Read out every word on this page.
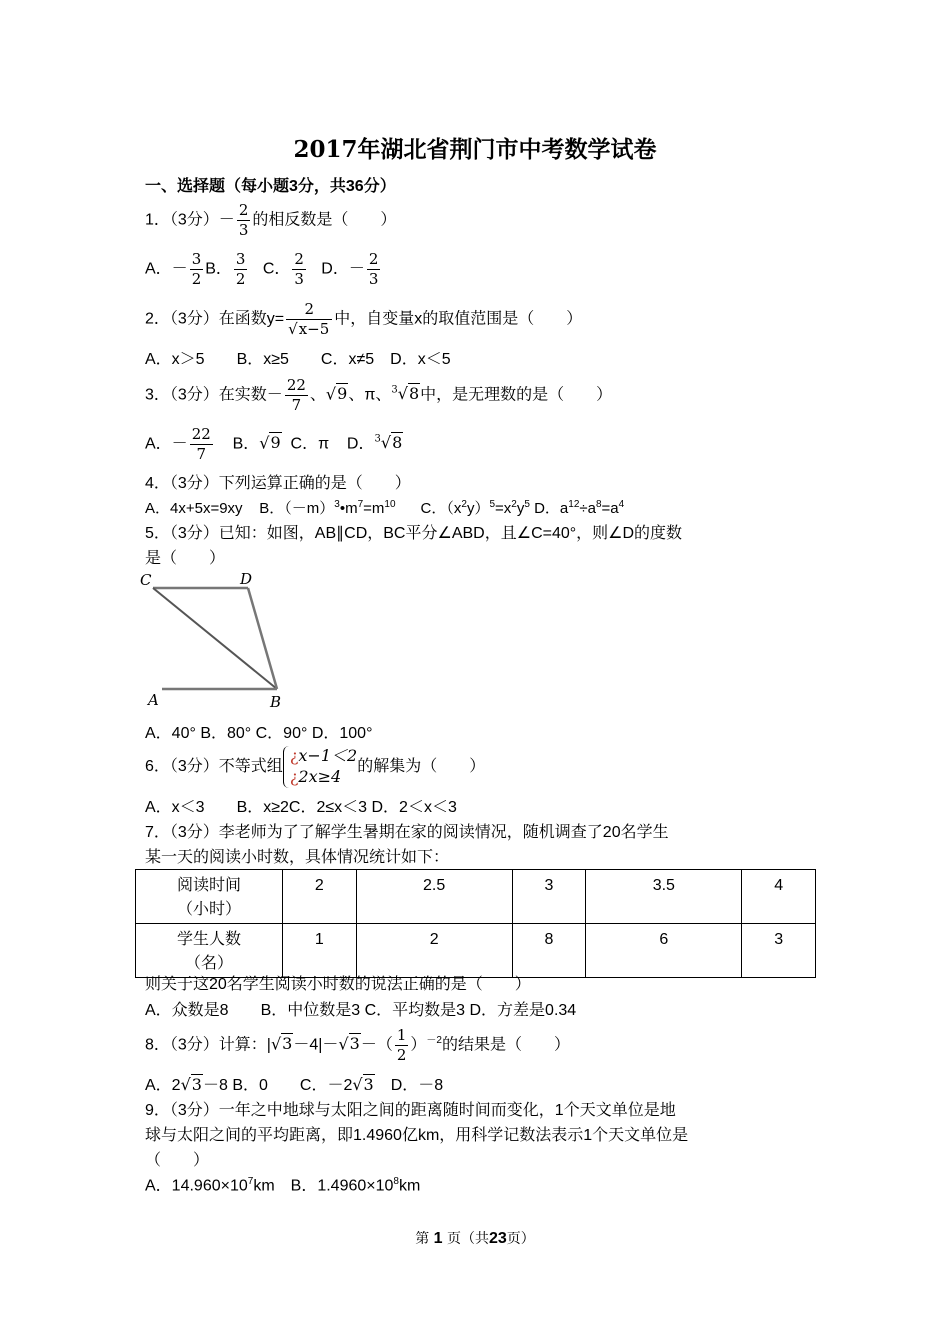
2017年湖北省荆门市中考数学试卷
一、选择题（每小题3分，共36分）
1．（3分）－ $\frac{2}{3}$ 的相反数是（　　）
A．－ $\frac{3}{2}$ B． $\frac{3}{2}$ C． $\frac{2}{3}$ D．－ $\frac{2}{3}$
2．（3分）在函数$y= \frac{2}{√x-5}$ 中，自变量x的取值范围是（　　）
A．x＞5　　B．x≥5　　C．x≠5　D．x＜5
3．（3分）在实数－ $\frac{22}{7}$ 、√9、π、$^3$√8中，是无理数的是（　　）
A．－ $\frac{22}{7}$ B．√9 C．π D．$^3$√8
4．（3分）下列运算正确的是（　　）
A．4x+5x=9xy B．$(-m)^3•m^7=m^{10}$ C．$(x^2y)^5=x^2y^5$ D．$a^{12}\div a^8=a^4$
5．（3分）已知：如图，AB∥CD，BC平分∠ABD，且∠C=40°，则∠D的度数
是（　　）
C	D
A	B
A．40° B．80° C．90° D．100°
6．（3分）不等式组¿x−1＜2
¿2x≥4的解集为（　　）
A．x＜3　　B．x≥2C．2≤x＜3 D．2＜x＜3
7．（3分）李老师为了了解学生暑期在家的阅读情况，随机调查了20名学生
某一天的阅读小时数，具体情况统计如下：
阅读时间
（小时）	2	2.5	3	3.5	4
学生人数
（名）	1	2	8	6	3
则关于这20名学生阅读小时数的说法正确的是（　　）
A．众数是8　　B．中位数是3 C．平均数是3 D．方差是0.34
8．（3分）计算：$|√3-4|-√3-( \frac{1}{2} )^{-2}$的结果是（　　）
A．2√3－8 B．0　　C．－2√3　D．－8
9．（3分）一年之中地球与太阳之间的距离随时间而变化，1个天文单位是地
球与太阳之间的平均距离，即1.4960亿km，用科学记数法表示1个天文单位是
（　　）
A．$14.960\times 10^7km$　B．$1.4960\times 10^8km$
第 1 页（共23页）
